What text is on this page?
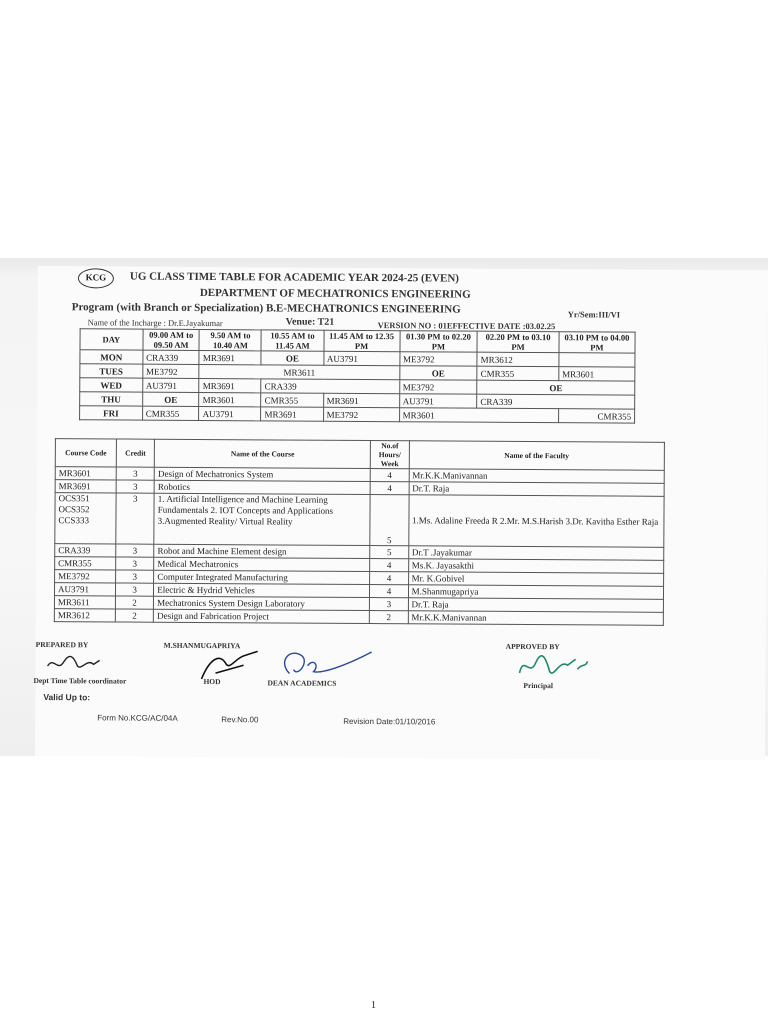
KCG	UG CLASS TIME TABLE FOR ACADEMIC YEAR 2024-25 (EVEN)
DEPARTMENT OF MECHATRONICS ENGINEERING
Program (with Branch or Specialization) B.E-MECHATRONICS ENGINEERING	Yr/Sem:III/VI
Name of the Incharge : Dr.E.Jayakumar	Venue: T21	VERSION NO : 01EFFECTIVE DATE :03.02.25
DAY	09.00 AM to 09.50 AM	9.50 AM to 10.40 AM	10.55 AM to 11.45 AM	11.45 AM to 12.35 PM	01.30 PM to 02.20 PM	02.20 PM to 03.10 PM	03.10 PM to 04.00 PM
MON	CRA339	MR3691	OE	AU3791	ME3792	MR3612	
TUES	ME3792	MR3611			OE	CMR355	MR3601
WED	AU3791	MR3691	CRA339		ME3792	OE	
THU	OE	MR3601	CMR355	MR3691	AU3791	CRA339	
FRI	CMR355	AU3791	MR3691	ME3792	MR3601		CMR355
Course Code	Credit	Name of the Course	No.of Hours/ Week	Name of the Faculty
MR3601	3	Design of Mechatronics System	4	Mr.K.K.Manivannan
MR3691	3	Robotics	4	Dr.T. Raja
OCS351 OCS352 CCS333	3	1. Artificial Intelligence and Machine Learning Fundamentals 2. IOT Concepts and Applications 3.Augmented Reality/ Virtual Reality	5	1.Ms. Adaline Freeda R 2.Mr. M.S.Harish 3.Dr. Kavitha Esther Raja
CRA339	3	Robot and Machine Element design	5	Dr.T .Jayakumar
CMR355	3	Medical Mechatronics	4	Ms.K. Jayasakthi
ME3792	3	Computer Integrated Manufacturing	4	Mr. K.Gobivel
AU3791	3	Electric & Hydrid Vehicles	4	M.Shanmugapriya
MR3611	2	Mechatronics System Design Laboratory	3	Dr.T. Raja
MR3612	2	Design and Fabrication Project	2	Mr.K.K.Manivannan
PREPARED BY	M.SHANMUGAPRIYA	APPROVED BY
Dept Time Table coordinator	HOD	DEAN ACADEMICS	Principal
Valid Up to:
Form No.KCG/AC/04A	Rev.No.00	Revision Date:01/10/2016
1
